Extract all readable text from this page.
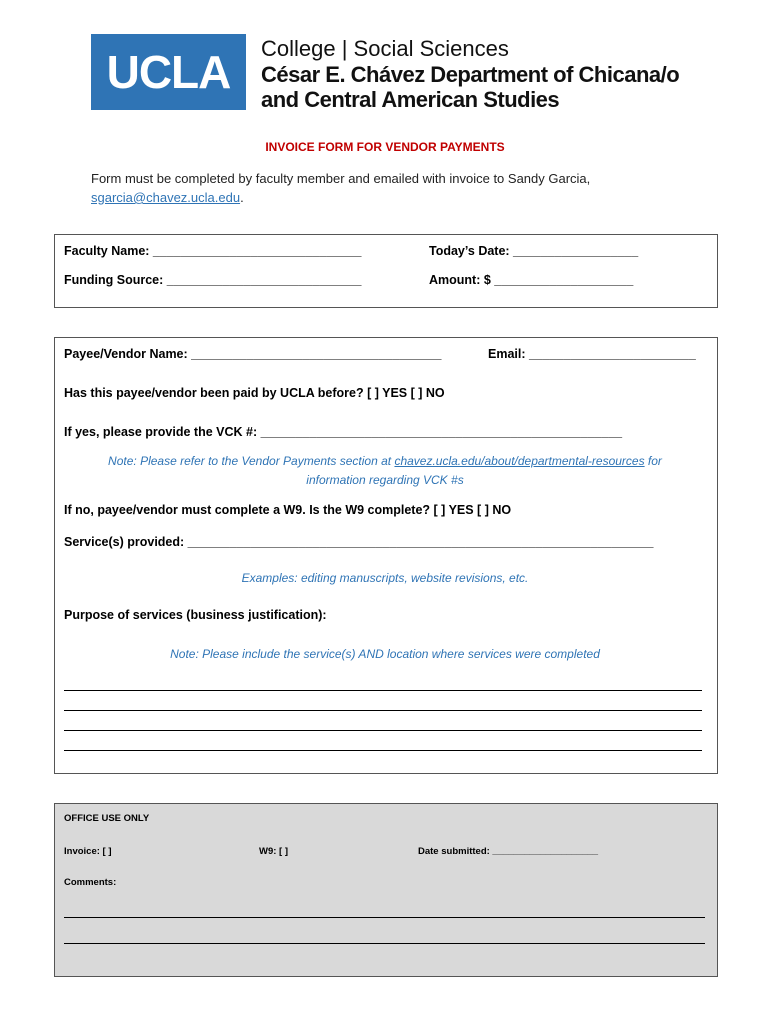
UCLA College | Social Sciences
César E. Chávez Department of Chicana/o
and Central American Studies
INVOICE FORM FOR VENDOR PAYMENTS
Form must be completed by faculty member and emailed with invoice to Sandy Garcia,
sgarcia@chavez.ucla.edu.
Faculty Name: ______________________________	Today’s Date: __________________
Funding Source: ____________________________	Amount: $ ____________________
Payee/Vendor Name: ____________________________________	Email: ________________________
Has this payee/vendor been paid by UCLA before? [ ] YES [ ] NO
If yes, please provide the VCK #: ____________________________________________________
Note: Please refer to the Vendor Payments section at chavez.ucla.edu/about/departmental-resources for
information regarding VCK #s
If no, payee/vendor must complete a W9. Is the W9 complete? [ ] YES [ ] NO
Service(s) provided: ___________________________________________________________________
Examples: editing manuscripts, website revisions, etc.
Purpose of services (business justification):
Note: Please include the service(s) AND location where services were completed
OFFICE USE ONLY
Invoice: [ ]	W9: [ ]	Date submitted: ____________________
Comments:
